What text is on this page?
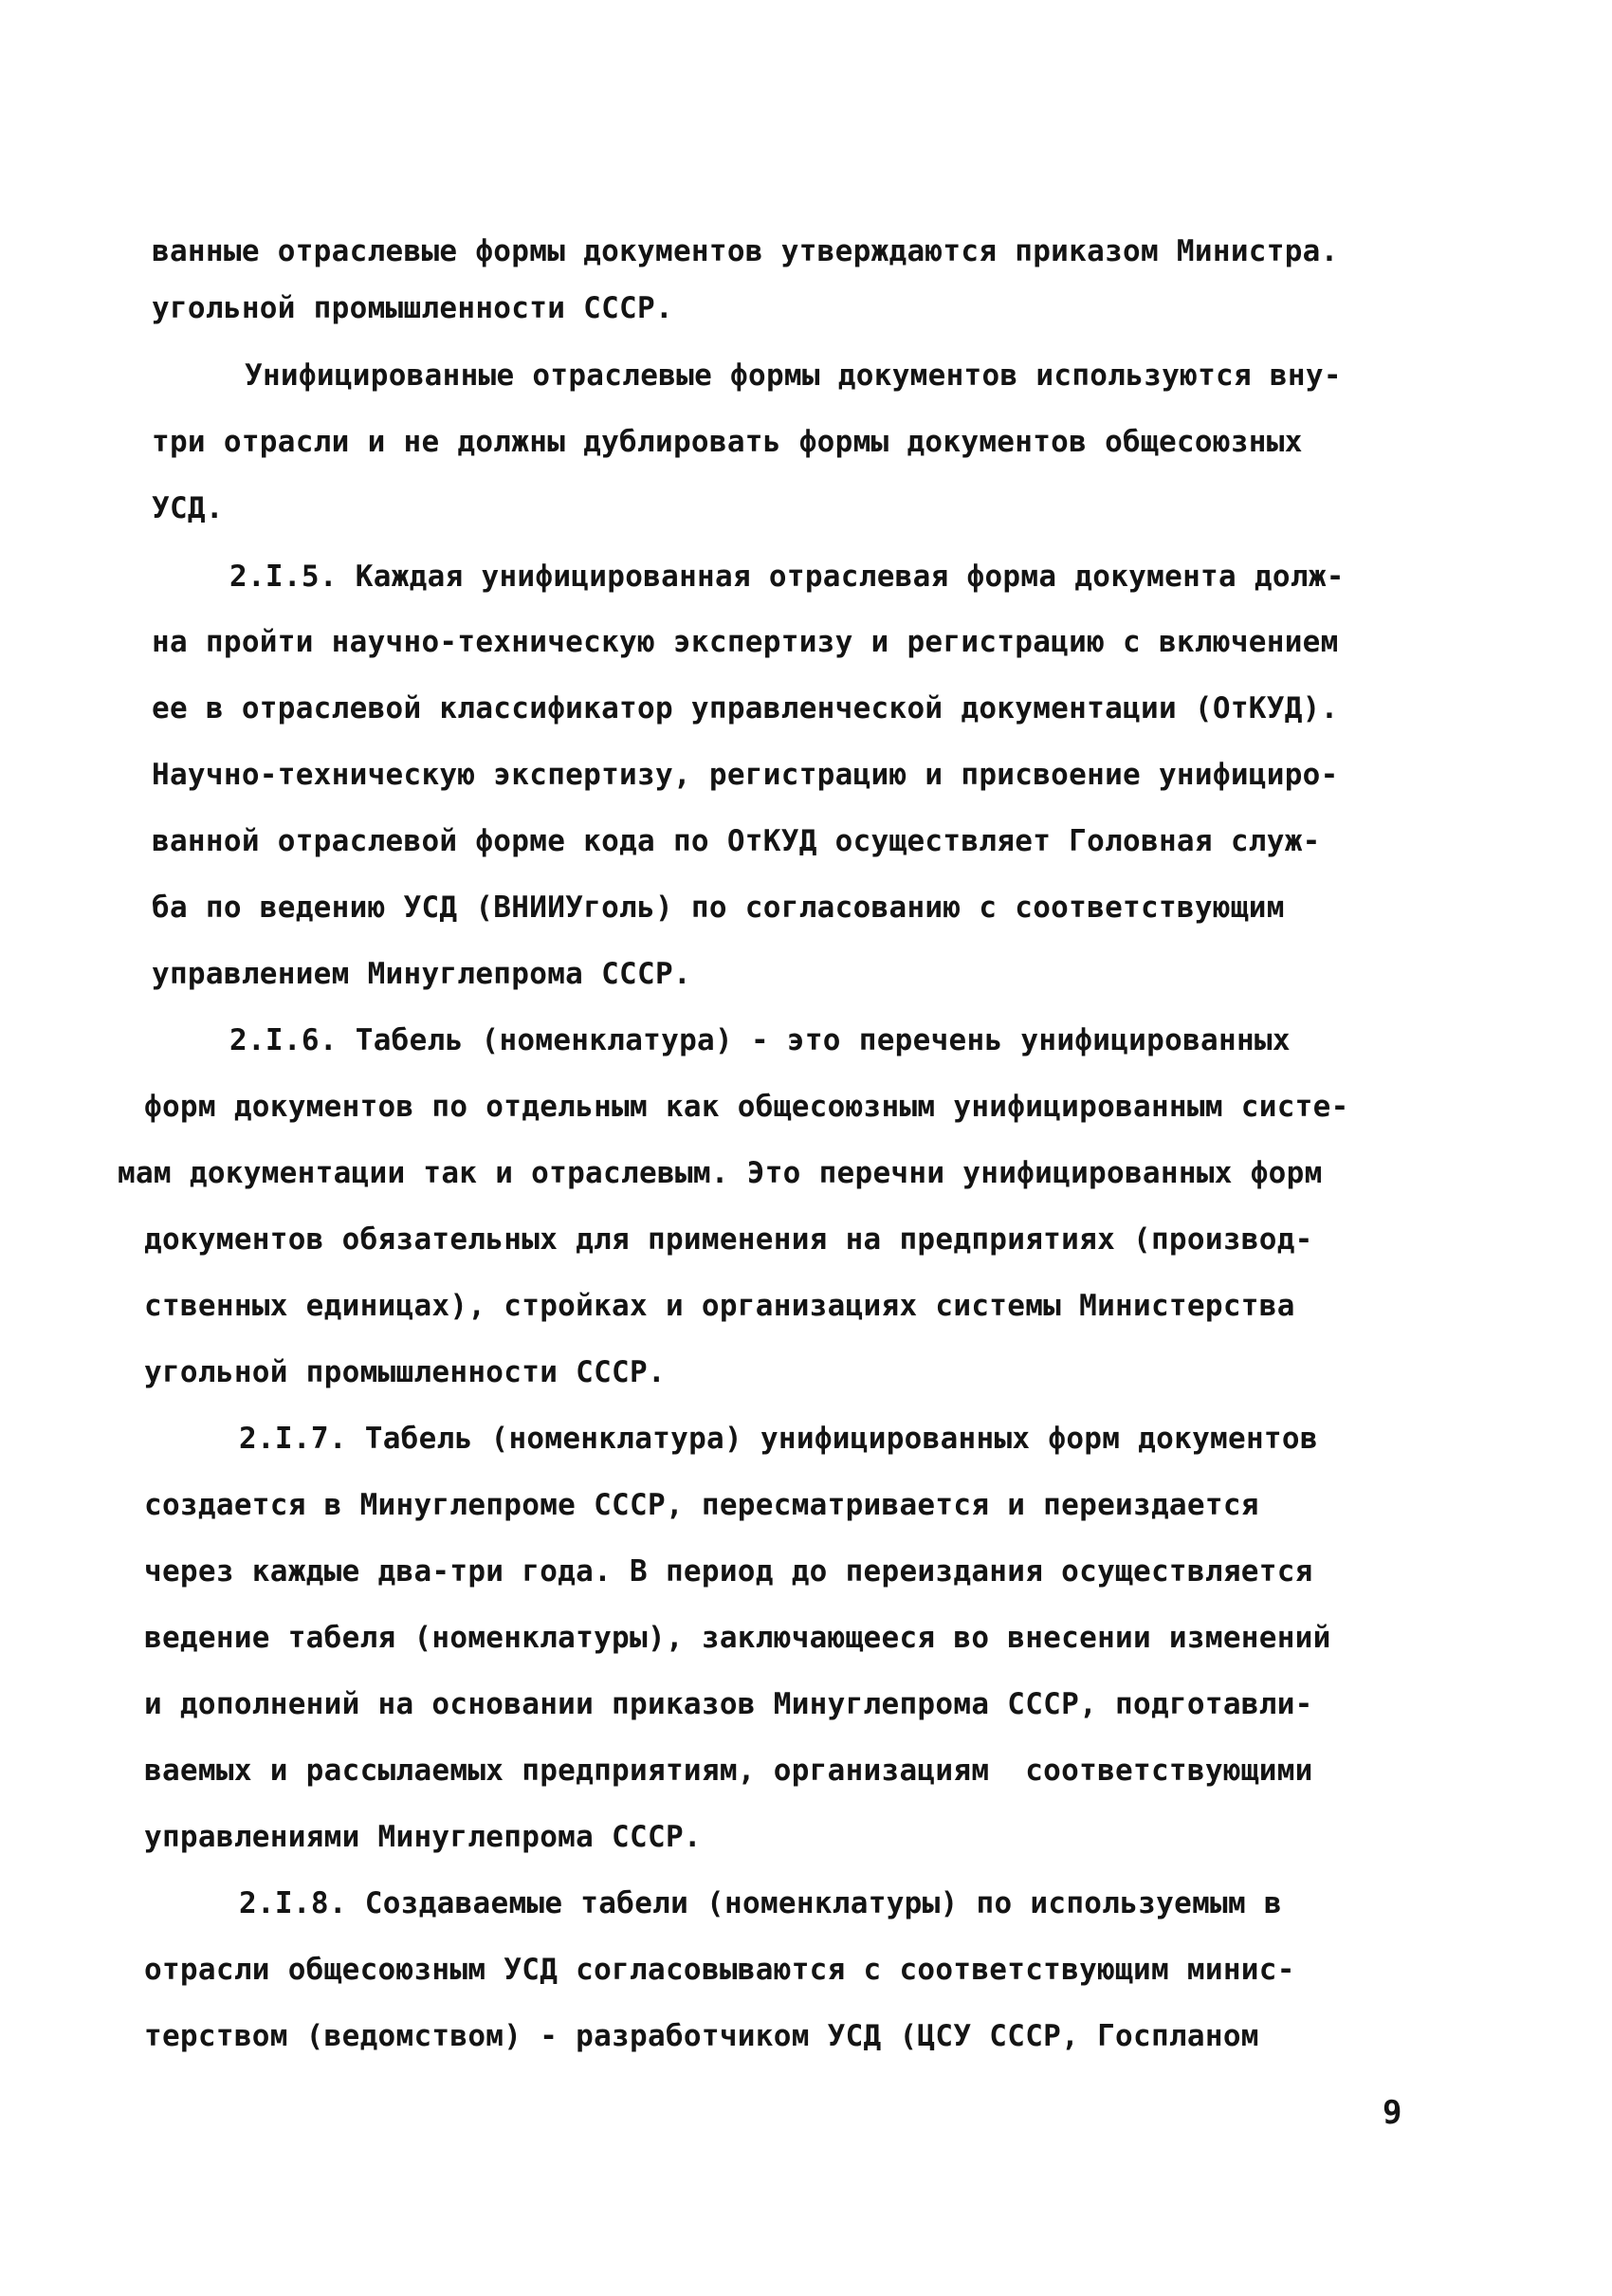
ванные отраслевые формы документов утверждаются приказом Министра.
угольной промышленности СССР.
Унифицированные отраслевые формы документов используются вну-
три отрасли и не должны дублировать формы документов общесоюзных
УСД.
2.I.5. Каждая унифицированная отраслевая форма документа долж-
на пройти научно-техническую экспертизу и регистрацию с включением
ее в отраслевой классификатор управленческой документации (ОтКУД).
Научно-техническую экспертизу, регистрацию и присвоение унифициро-
ванной отраслевой форме кода по ОтКУД осуществляет Головная служ-
ба по ведению УСД (ВНИИУголь) по согласованию с соответствующим
управлением Минуглепрома СССР.
2.I.6. Табель (номенклатура) - это перечень унифицированных
форм документов по отдельным как общесоюзным унифицированным систе-
мам документации так и отраслевым. Это перечни унифицированных форм
документов обязательных для применения на предприятиях (производ-
ственных единицах), стройках и организациях системы Министерства
угольной промышленности СССР.
2.I.7. Табель (номенклатура) унифицированных форм документов
создается в Минуглепроме СССР, пересматривается и переиздается
через каждые два-три года. В период до переиздания осуществляется
ведение табеля (номенклатуры), заключающееся во внесении изменений
и дополнений на основании приказов Минуглепрома СССР, подготавли-
ваемых и рассылаемых предприятиям, организациям  соответствующими
управлениями Минуглепрома СССР.
2.I.8. Создаваемые табели (номенклатуры) по используемым в
отрасли общесоюзным УСД согласовываются с соответствующим минис-
терством (ведомством) - разработчиком УСД (ЦСУ СССР, Госпланом
9
